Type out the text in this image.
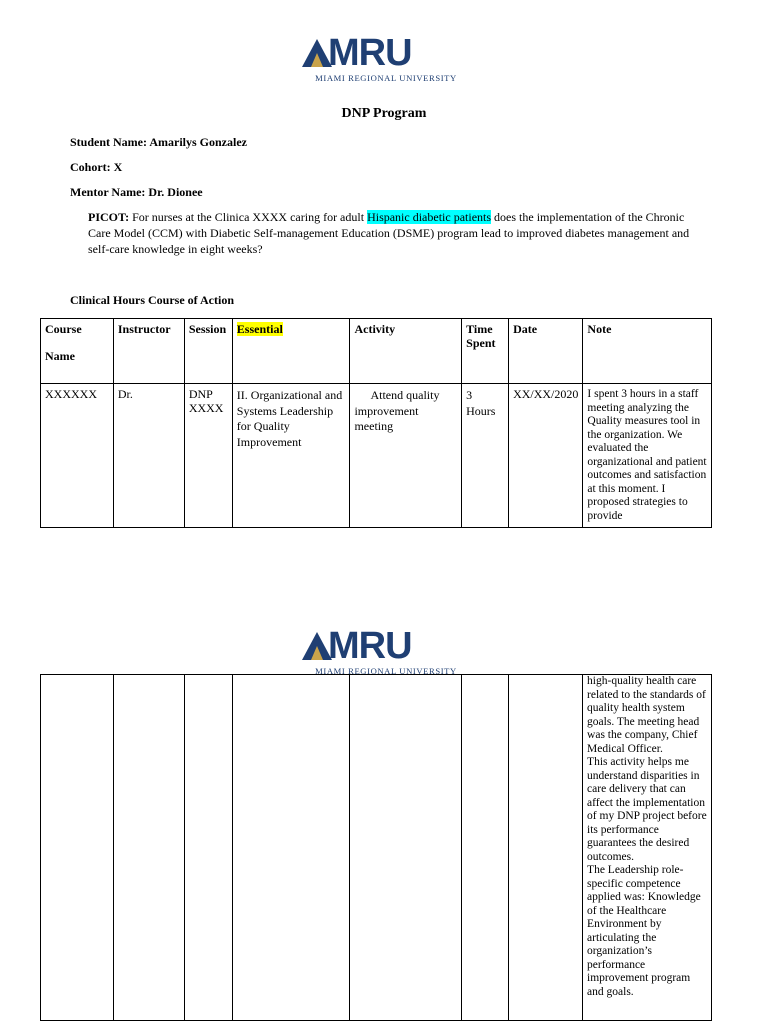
MRU
MIAMI REGIONAL UNIVERSITY
DNP Program
Student Name: Amarilys Gonzalez
Cohort: X
Mentor Name: Dr. Dionee
PICOT: For nurses at the Clinica XXXX caring for adult Hispanic diabetic patients does the implementation of the Chronic Care Model (CCM) with Diabetic Self-management Education (DSME) program lead to improved diabetes management and self-care knowledge in eight weeks?
Clinical Hours Course of Action
Course

Name	Instructor	Session	Essential	Activity	Time Spent	Date	Note
XXXXXX	Dr.	DNP XXXX	II. Organizational and Systems Leadership for Quality Improvement	Attend quality improvement meeting	3 Hours	XX/XX/2020	I spent 3 hours in a staff meeting analyzing the Quality measures tool in the organization. We evaluated the organizational and patient outcomes and satisfaction at this moment. I proposed strategies to provide
MRU
MIAMI REGIONAL UNIVERSITY

high-quality health care related to the standards of quality health system goals. The meeting head was the company, Chief Medical Officer.
This activity helps me understand disparities in care delivery that can affect the implementation of my DNP project before its performance guarantees the desired outcomes.
The Leadership role-specific competence applied was: Knowledge of the Healthcare Environment by articulating the organization’s performance improvement program and goals.
